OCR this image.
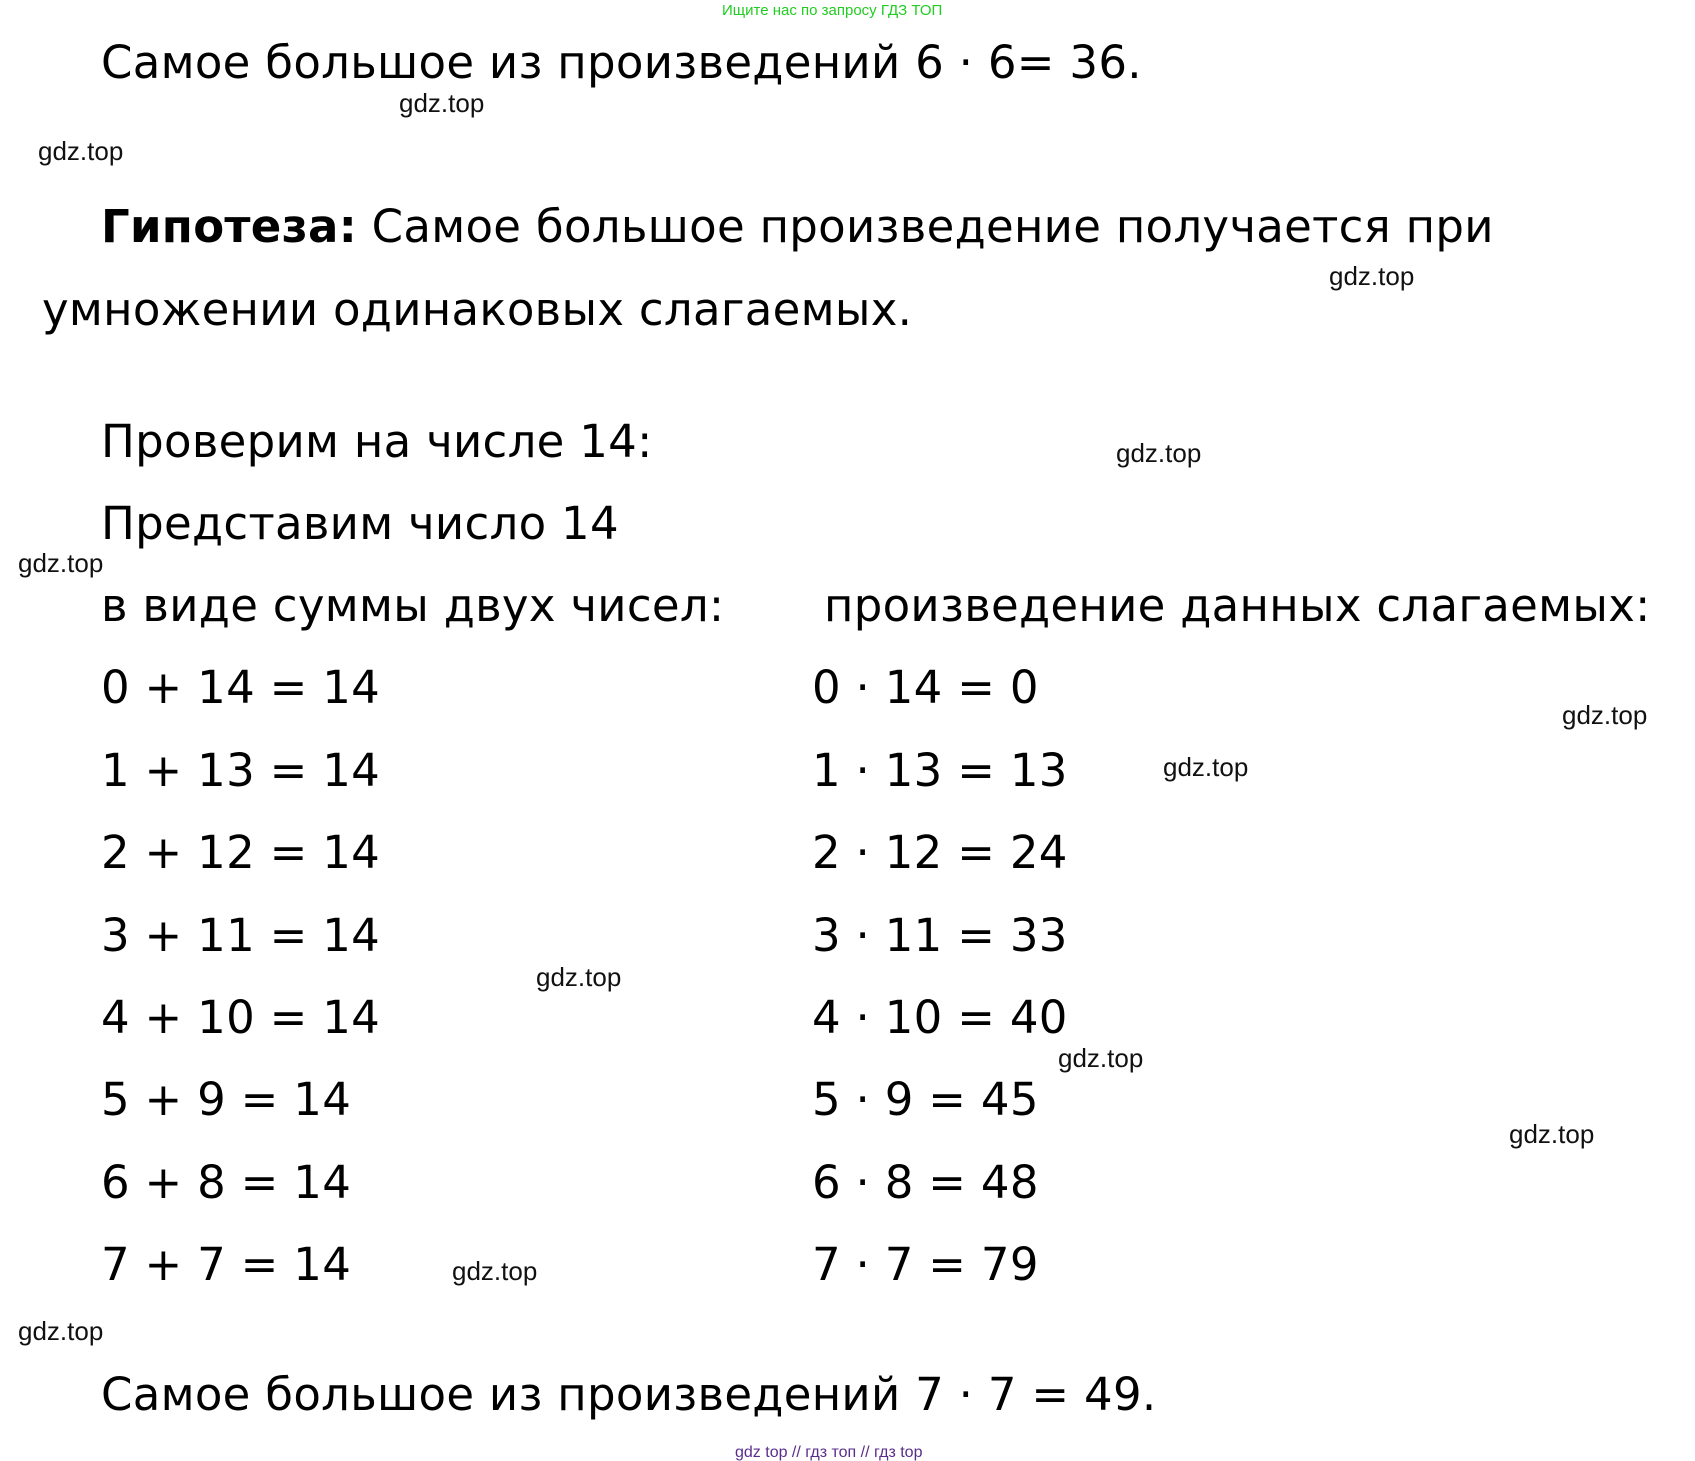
Ищите нас по запросу ГДЗ ТОП
Самое большое из произведений 6 · 6= 36.
Гипотеза: Самое большое произведение получается при
умножении одинаковых слагаемых.
Проверим на числе 14:
Представим число 14
в виде суммы двух чисел: произведение данных слагаемых:
0 + 14 = 14
1 + 13 = 14
2 + 12 = 14
3 + 11 = 14
4 + 10 = 14
5 + 9 = 14
6 + 8 = 14
7 + 7 = 14
0 · 14 = 0
1 · 13 = 13
2 · 12 = 24
3 · 11 = 33
4 · 10 = 40
5 · 9 = 45
6 · 8 = 48
7 · 7 = 79
Самое большое из произведений 7 · 7 = 49.
gdz.top
gdz.top
gdz.top
gdz.top
gdz.top
gdz.top
gdz.top
gdz.top
gdz.top
gdz.top
gdz.top
gdz.top
gdz top // гдз топ // гдз top
